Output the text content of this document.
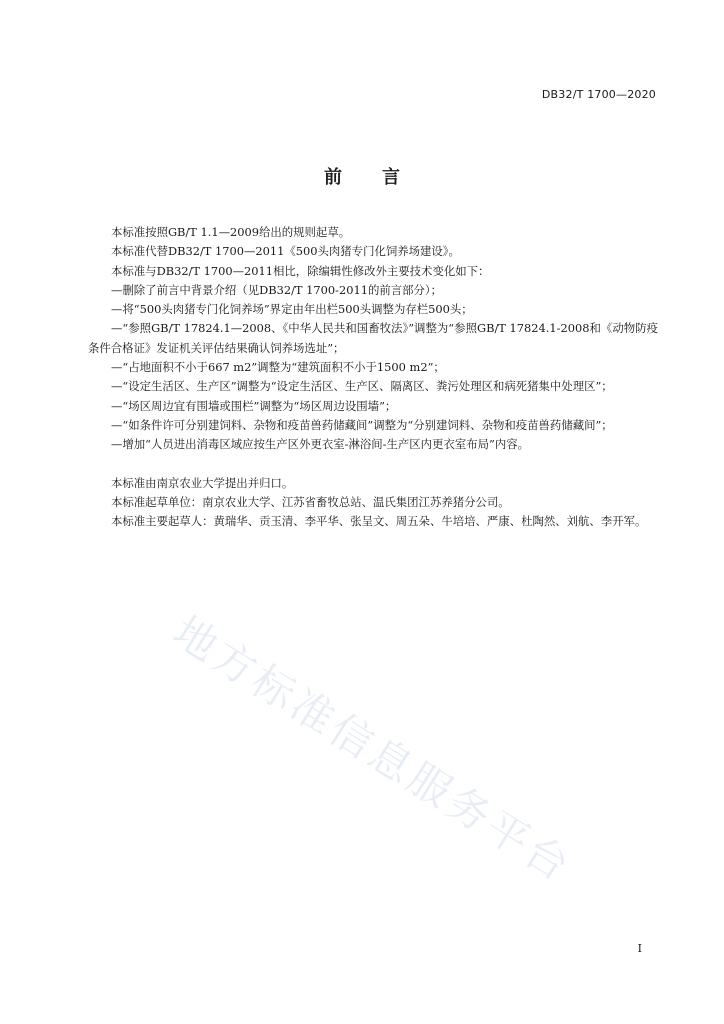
DB32/T 1700—2020
前 言

本标准按照GB/T 1.1—2009给出的规则起草。

本标准代替DB32/T 1700—2011《500头肉猪专门化饲养场建设》。

本标准与DB32/T 1700—2011相比，除编辑性修改外主要技术变化如下：

—删除了前言中背景介绍（见DB32/T 1700-2011的前言部分）；

—将“500头肉猪专门化饲养场”界定由年出栏500头调整为存栏500头；

—“参照GB/T 17824.1—2008、《中华人民共和国畜牧法》”调整为“参照GB/T 17824.1-2008和《动物防疫条件合格证》发证机关评估结果确认饲养场选址”；

—“占地面积不小于667 m2”调整为“建筑面积不小于1500 m2”；

—“设定生活区、生产区”调整为“设定生活区、生产区、隔离区、粪污处理区和病死猪集中处理区”；

—“场区周边宜有围墙或围栏”调整为“场区周边设围墙”；

—“如条件许可分别建饲料、杂物和疫苗兽药储藏间”调整为“分别建饲料、杂物和疫苗兽药储藏间”；

—增加“人员进出消毒区域应按生产区外更衣室-淋浴间-生产区内更衣室布局”内容。

本标准由南京农业大学提出并归口。

本标准起草单位：南京农业大学、江苏省畜牧总站、温氏集团江苏养猪分公司。

本标准主要起草人：黄瑞华、贡玉清、李平华、张呈文、周五朵、牛培培、严康、杜陶然、刘航、李开军。

地方标准信息服务平台
I
